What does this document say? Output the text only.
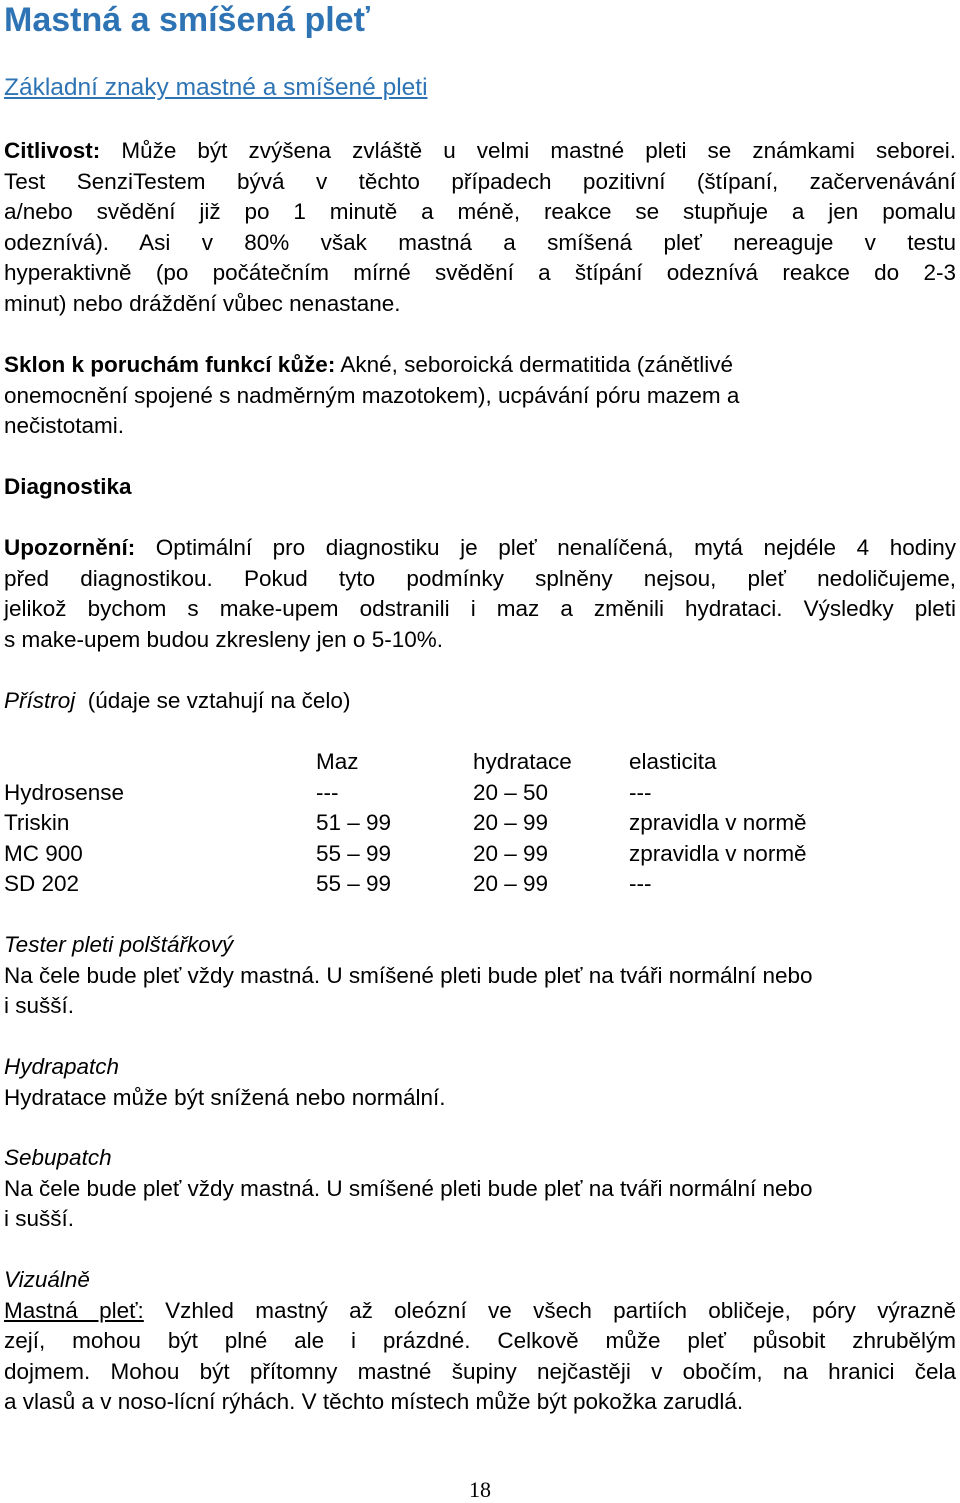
Mastná a smíšená pleť
Základní znaky mastné a smíšené pleti
Citlivost: Může být zvýšena zvláště u velmi mastné pleti se známkami seborei.
Test SenziTestem bývá v těchto případech pozitivní (štípaní, začervenávání
a/nebo svědění již po 1 minutě a méně, reakce se stupňuje a jen pomalu
odeznívá). Asi v 80% však mastná a smíšená pleť nereaguje v testu
hyperaktivně (po počátečním mírné svědění a štípání odeznívá reakce do 2-3
minut) nebo dráždění vůbec nenastane.
Sklon k poruchám funkcí kůže: Akné, seboroická dermatitida (zánětlivé
onemocnění spojené s nadměrným mazotokem), ucpávání póru mazem a
nečistotami.
Diagnostika
Upozornění: Optimální pro diagnostiku je pleť nenalíčená, mytá nejdéle 4 hodiny
před diagnostikou. Pokud tyto podmínky splněny nejsou, pleť nedoličujeme,
jelikož bychom s make-upem odstranili i maz a změnili hydrataci. Výsledky pleti
s make-upem budou zkresleny jen o 5-10%.
Přístroj (údaje se vztahují na čelo)
	Maz	hydratace	elasticita
Hydrosense	---	20 – 50	---
Triskin	51 – 99	20 – 99	zpravidla v normě
MC 900	55 – 99	20 – 99	zpravidla v normě
SD 202	55 – 99	20 – 99	---
Tester pleti polštářkový
Na čele bude pleť vždy mastná. U smíšené pleti bude pleť na tváři normální nebo
i sušší.
Hydrapatch
Hydratace může být snížená nebo normální.
Sebupatch
Na čele bude pleť vždy mastná. U smíšené pleti bude pleť na tváři normální nebo
i sušší.
Vizuálně
Mastná pleť: Vzhled mastný až oleózní ve všech partiích obličeje, póry výrazně
zejí, mohou být plné ale i prázdné. Celkově může pleť působit zhrubělým
dojmem. Mohou být přítomny mastné šupiny nejčastěji v obočím, na hranici čela
a vlasů a v noso-lícní rýhách. V těchto místech může být pokožka zarudlá.
18
